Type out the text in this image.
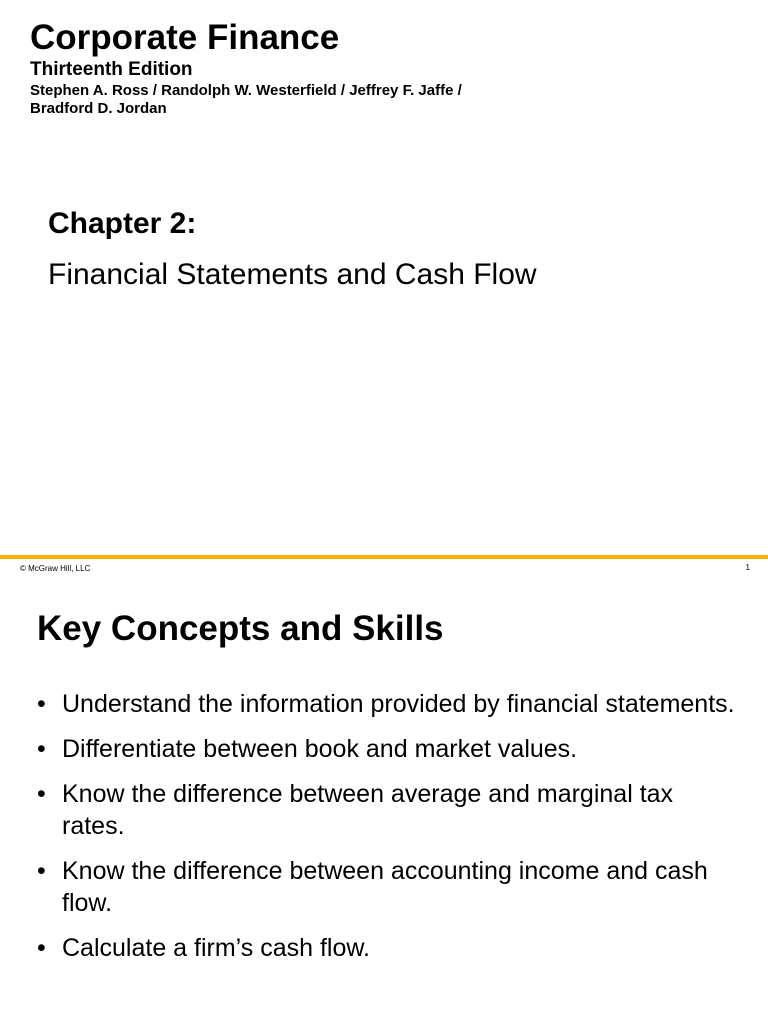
Corporate Finance
Thirteenth Edition
Stephen A. Ross / Randolph W. Westerfield / Jeffrey F. Jaffe /
Bradford D. Jordan
Chapter 2:
Financial Statements and Cash Flow
© McGraw Hill, LLC	1
Key Concepts and Skills
• Understand the information provided by financial statements.
• Differentiate between book and market values.
• Know the difference between average and marginal tax rates.
• Know the difference between accounting income and cash flow.
• Calculate a firm’s cash flow.
